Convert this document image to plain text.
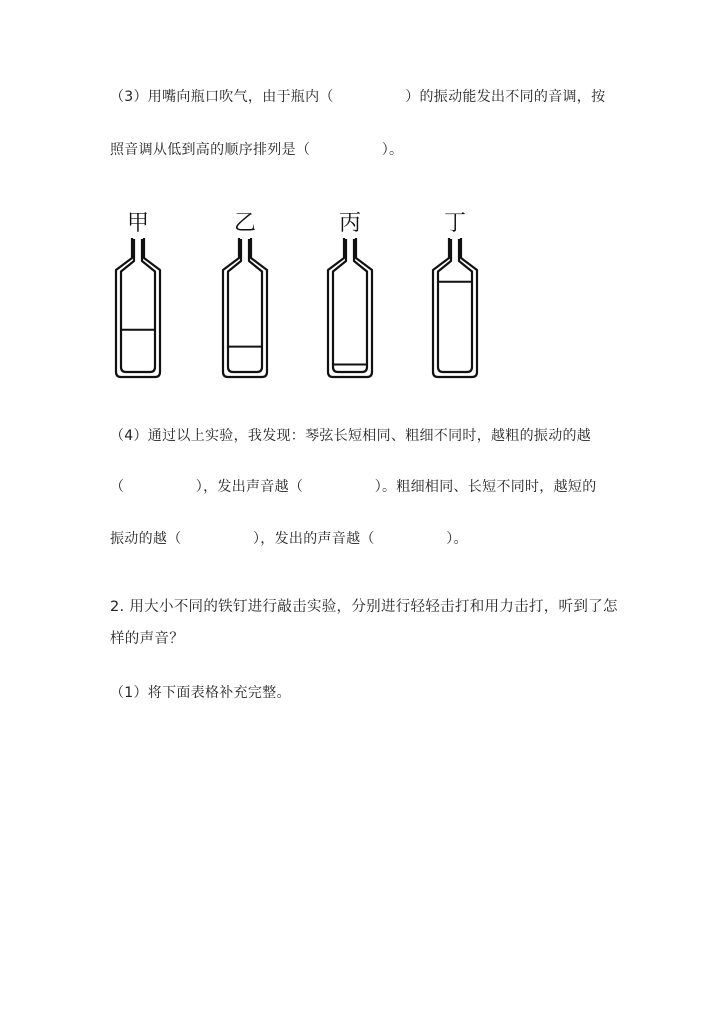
（3）用嘴向瓶口吹气，由于瓶内（　　　　　）的振动能发出不同的音调，按
照音调从低到高的顺序排列是（　　　　　）。
甲	乙	丙	丁
（4）通过以上实验，我发现：琴弦长短相同、粗细不同时，越粗的振动的越
（　　　　　），发出声音越（　　　　　）。粗细相同、长短不同时，越短的
振动的越（　　　　　），发出的声音越（　　　　　）。
2. 用大小不同的铁钉进行敲击实验，分别进行轻轻击打和用力击打，听到了怎
样的声音？
（1）将下面表格补充完整。
